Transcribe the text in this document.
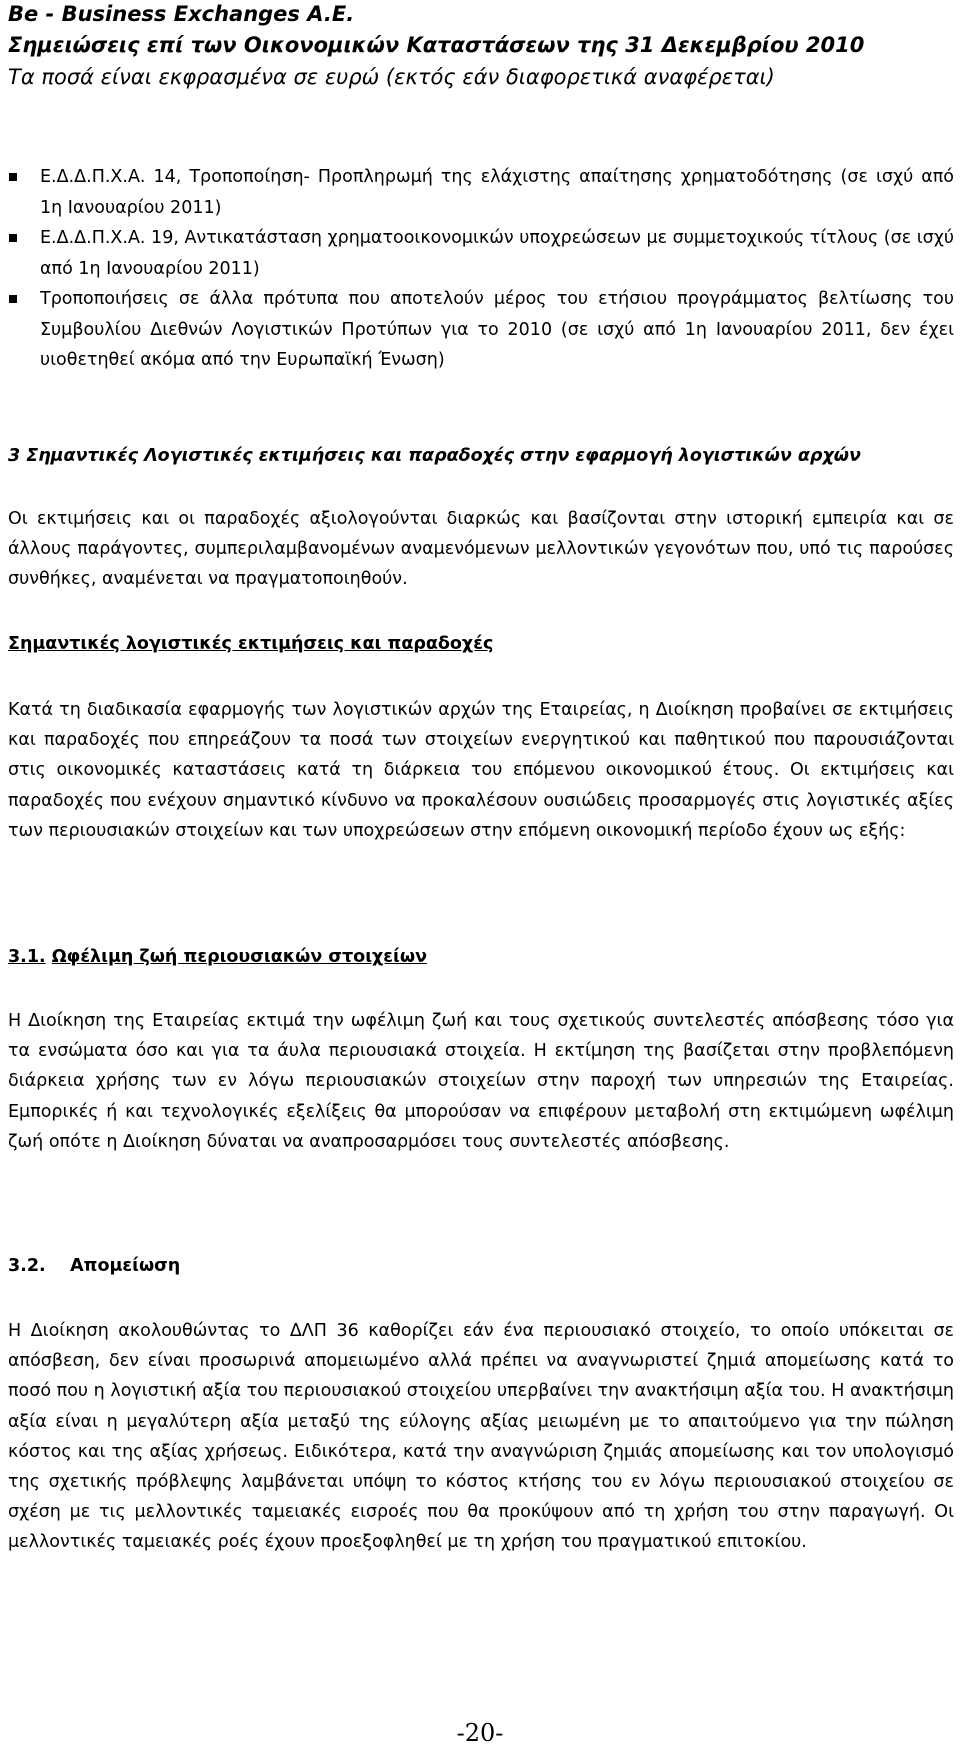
Be - Business Exchanges A.E.
Σημειώσεις επί των Οικονομικών Καταστάσεων της 31 Δεκεμβρίου 2010
Τα ποσά είναι εκφρασμένα σε ευρώ (εκτός εάν διαφορετικά αναφέρεται)
Ε.Δ.Δ.Π.Χ.Α. 14, Τροποποίηση- Προπληρωμή της ελάχιστης απαίτησης χρηματοδότησης (σε ισχύ από 1η Ιανουαρίου 2011)
Ε.Δ.Δ.Π.Χ.Α. 19, Αντικατάσταση χρηματοοικονομικών υποχρεώσεων με συμμετοχικούς τίτλους (σε ισχύ από 1η Ιανουαρίου 2011)
Τροποποιήσεις σε άλλα πρότυπα που αποτελούν μέρος του ετήσιου προγράμματος βελτίωσης του Συμβουλίου Διεθνών Λογιστικών Προτύπων για το 2010 (σε ισχύ από 1η Ιανουαρίου 2011, δεν έχει υιοθετηθεί ακόμα από την Ευρωπαϊκή Ένωση)
3 Σημαντικές Λογιστικές εκτιμήσεις και παραδοχές στην εφαρμογή λογιστικών αρχών
Οι εκτιμήσεις και οι παραδοχές αξιολογούνται διαρκώς και βασίζονται στην ιστορική εμπειρία και σε άλλους παράγοντες, συμπεριλαμβανομένων αναμενόμενων μελλοντικών γεγονότων που, υπό τις παρούσες συνθήκες, αναμένεται να πραγματοποιηθούν.
Σημαντικές λογιστικές εκτιμήσεις και παραδοχές
Κατά τη διαδικασία εφαρμογής των λογιστικών αρχών της Εταιρείας, η Διοίκηση προβαίνει σε εκτιμήσεις και παραδοχές που επηρεάζουν τα ποσά των στοιχείων ενεργητικού και παθητικού που παρουσιάζονται στις οικονομικές καταστάσεις κατά τη διάρκεια του επόμενου οικονομικού έτους. Οι εκτιμήσεις και παραδοχές που ενέχουν σημαντικό κίνδυνο να προκαλέσουν ουσιώδεις προσαρμογές στις λογιστικές αξίες των περιουσιακών στοιχείων και των υποχρεώσεων στην επόμενη οικονομική περίοδο έχουν ως εξής:
3.1. Ωφέλιμη ζωή περιουσιακών στοιχείων
Η Διοίκηση της Εταιρείας εκτιμά την ωφέλιμη ζωή και τους σχετικούς συντελεστές απόσβεσης τόσο για τα ενσώματα όσο και για τα άυλα περιουσιακά στοιχεία. Η εκτίμηση της βασίζεται στην προβλεπόμενη διάρκεια χρήσης των εν λόγω περιουσιακών στοιχείων στην παροχή των υπηρεσιών της Εταιρείας. Εμπορικές ή και τεχνολογικές εξελίξεις θα μπορούσαν να επιφέρουν μεταβολή στη εκτιμώμενη ωφέλιμη ζωή οπότε η Διοίκηση δύναται να αναπροσαρμόσει τους συντελεστές απόσβεσης.
3.2. Απομείωση
Η Διοίκηση ακολουθώντας το ΔΛΠ 36 καθορίζει εάν ένα περιουσιακό στοιχείο, το οποίο υπόκειται σε απόσβεση, δεν είναι προσωρινά απομειωμένο αλλά πρέπει να αναγνωριστεί ζημιά απομείωσης κατά το ποσό που η λογιστική αξία του περιουσιακού στοιχείου υπερβαίνει την ανακτήσιμη αξία του. Η ανακτήσιμη αξία είναι η μεγαλύτερη αξία μεταξύ της εύλογης αξίας μειωμένη με το απαιτούμενο για την πώληση κόστος και της αξίας χρήσεως. Ειδικότερα, κατά την αναγνώριση ζημιάς απομείωσης και τον υπολογισμό της σχετικής πρόβλεψης λαμβάνεται υπόψη το κόστος κτήσης του εν λόγω περιουσιακού στοιχείου σε σχέση με τις μελλοντικές ταμειακές εισροές που θα προκύψουν από τη χρήση του στην παραγωγή. Οι μελλοντικές ταμειακές ροές έχουν προεξοφληθεί με τη χρήση του πραγματικού επιτοκίου.
-20-
